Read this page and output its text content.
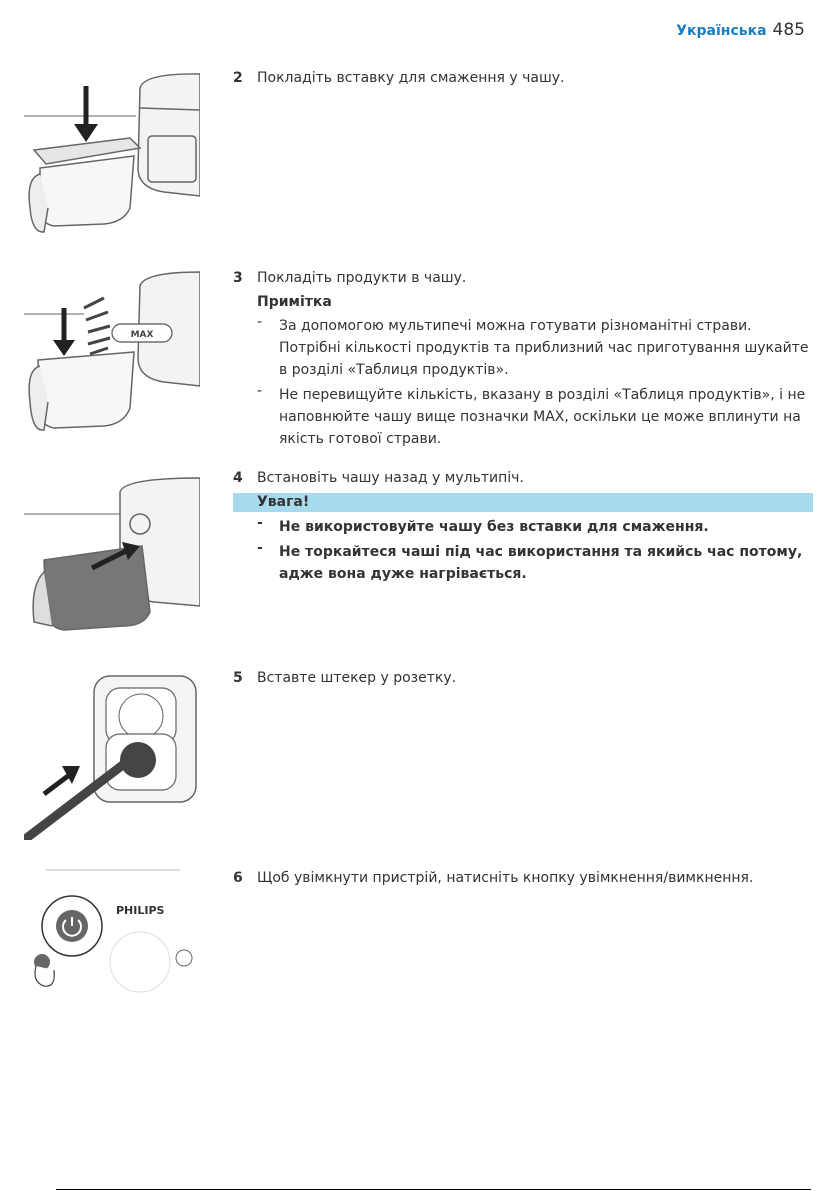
Українська 485
MAX
PHILIPS
2	Покладіть вставку для смаження у чашу.
3	Покладіть продукти в чашу.
Примітка
- За допомогою мультипечі можна готувати різноманітні страви. Потрібні кількості продуктів та приблизний час приготування шукайте в розділі «Таблиця продуктів».
- Не перевищуйте кількість, вказану в розділі «Таблиця продуктів», і не наповнюйте чашу вище позначки MAX, оскільки це може вплинути на якість готової страви.
4	Встановіть чашу назад у мультипіч.
Увага!
- Не використовуйте чашу без вставки для смаження.
- Не торкайтеся чаші під час використання та якийсь час потому, адже вона дуже нагрівається.
5	Вставте штекер у розетку.
6	Щоб увімкнути пристрій, натисніть кнопку увімкнення/вимкнення.
